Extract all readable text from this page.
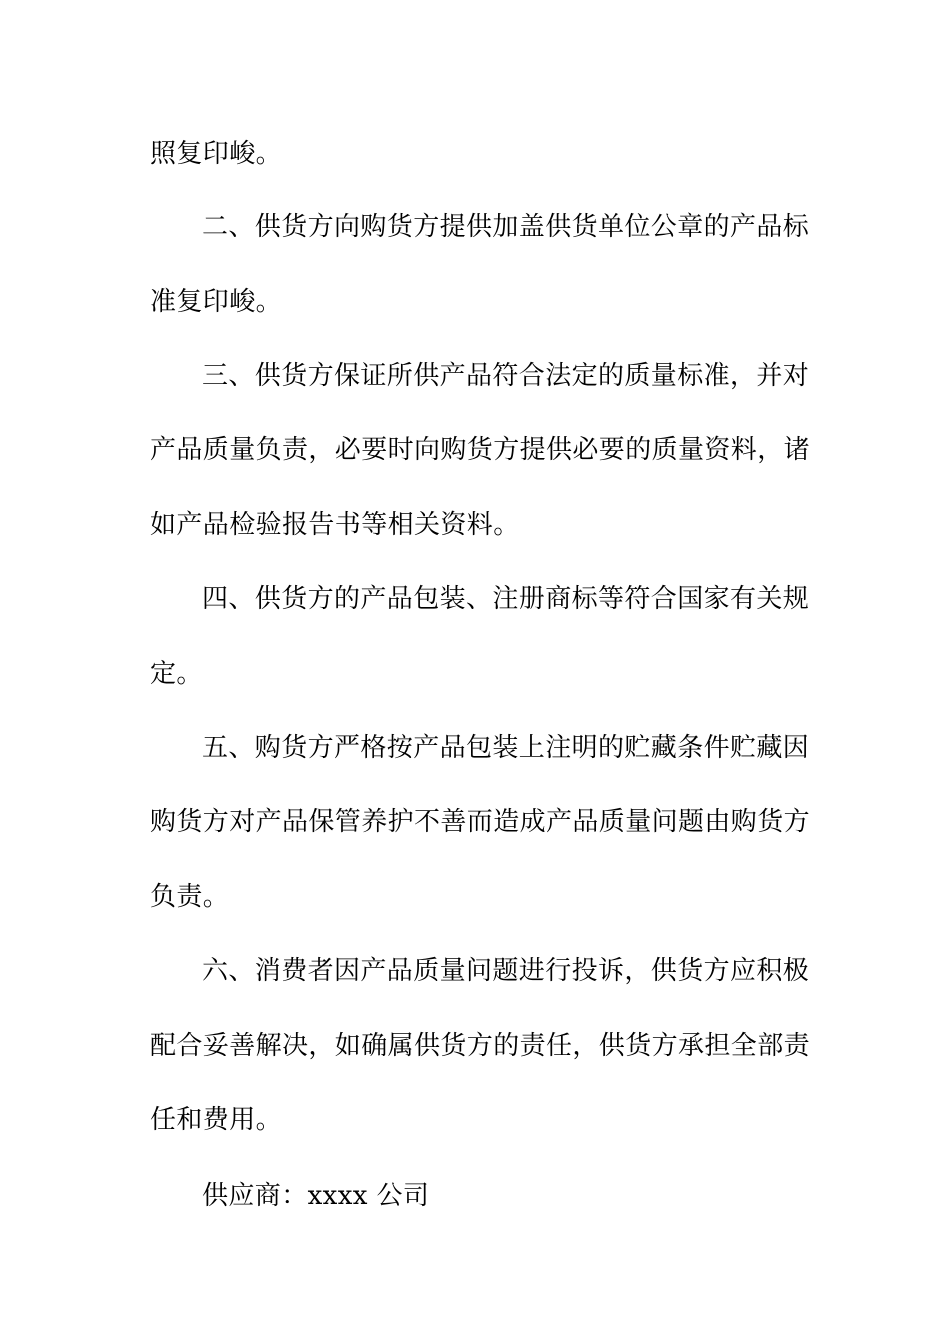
照复印峻。
二、供货方向购货方提供加盖供货单位公章的产品标
准复印峻。
三、供货方保证所供产品符合法定的质量标准，并对
产品质量负责，必要时向购货方提供必要的质量资料，诸
如产品检验报告书等相关资料。
四、供货方的产品包装、注册商标等符合国家有关规
定。
五、购货方严格按产品包装上注明的贮藏条件贮藏因
购货方对产品保管养护不善而造成产品质量问题由购货方
负责。
六、消费者因产品质量问题进行投诉，供货方应积极
配合妥善解决，如确属供货方的责任，供货方承担全部责
任和费用。
供应商：xxxx 公司
